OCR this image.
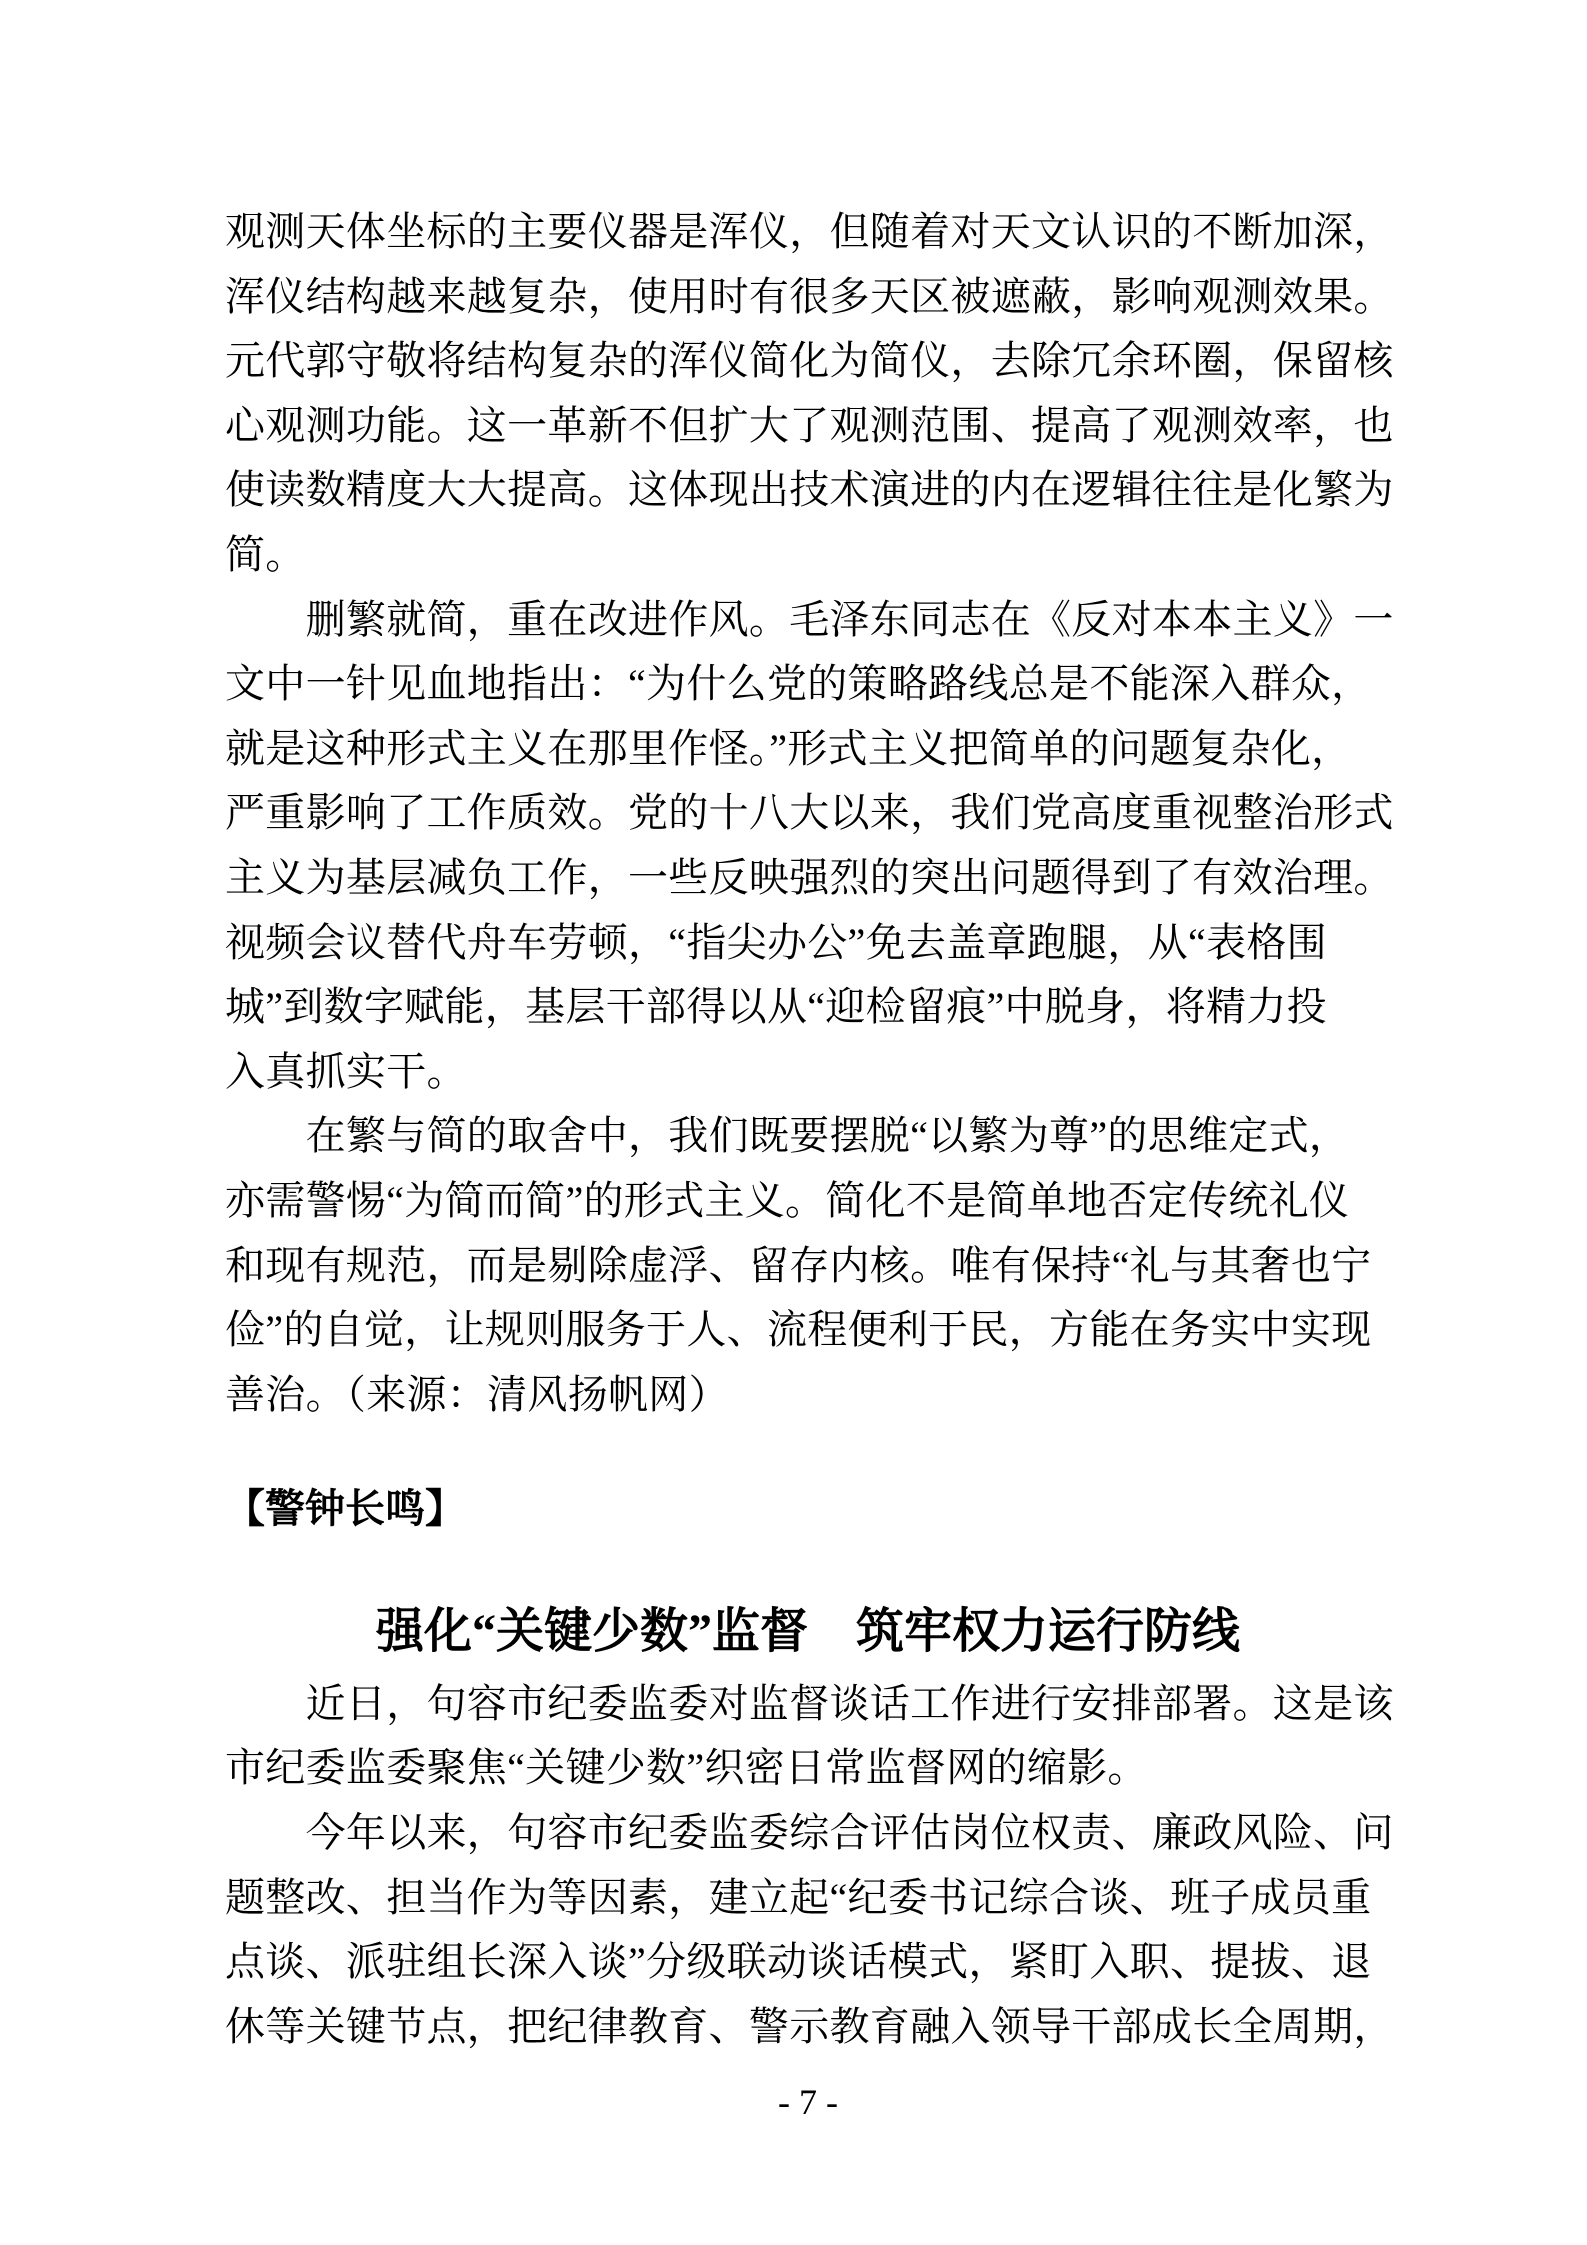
观测天体坐标的主要仪器是浑仪，但随着对天文认识的不断加深，
浑仪结构越来越复杂，使用时有很多天区被遮蔽，影响观测效果。
元代郭守敬将结构复杂的浑仪简化为简仪，去除冗余环圈，保留核
心观测功能。这一革新不但扩大了观测范围、提高了观测效率，也
使读数精度大大提高。这体现出技术演进的内在逻辑往往是化繁为
简。
　　删繁就简，重在改进作风。毛泽东同志在《反对本本主义》一
文中一针见血地指出：“为什么党的策略路线总是不能深入群众，
就是这种形式主义在那里作怪。”形式主义把简单的问题复杂化，
严重影响了工作质效。党的十八大以来，我们党高度重视整治形式
主义为基层减负工作，一些反映强烈的突出问题得到了有效治理。
视频会议替代舟车劳顿，“指尖办公”免去盖章跑腿，从“表格围
城”到数字赋能，基层干部得以从“迎检留痕”中脱身，将精力投
入真抓实干。
　　在繁与简的取舍中，我们既要摆脱“以繁为尊”的思维定式，
亦需警惕“为简而简”的形式主义。简化不是简单地否定传统礼仪
和现有规范，而是剔除虚浮、留存内核。唯有保持“礼与其奢也宁
俭”的自觉，让规则服务于人、流程便利于民，方能在务实中实现
善治。（来源：清风扬帆网）
【警钟长鸣】
强化“关键少数”监督　筑牢权力运行防线
　　近日，句容市纪委监委对监督谈话工作进行安排部署。这是该
市纪委监委聚焦“关键少数”织密日常监督网的缩影。
　　今年以来，句容市纪委监委综合评估岗位权责、廉政风险、问
题整改、担当作为等因素，建立起“纪委书记综合谈、班子成员重
点谈、派驻组长深入谈”分级联动谈话模式，紧盯入职、提拔、退
休等关键节点，把纪律教育、警示教育融入领导干部成长全周期，
- 7 -
